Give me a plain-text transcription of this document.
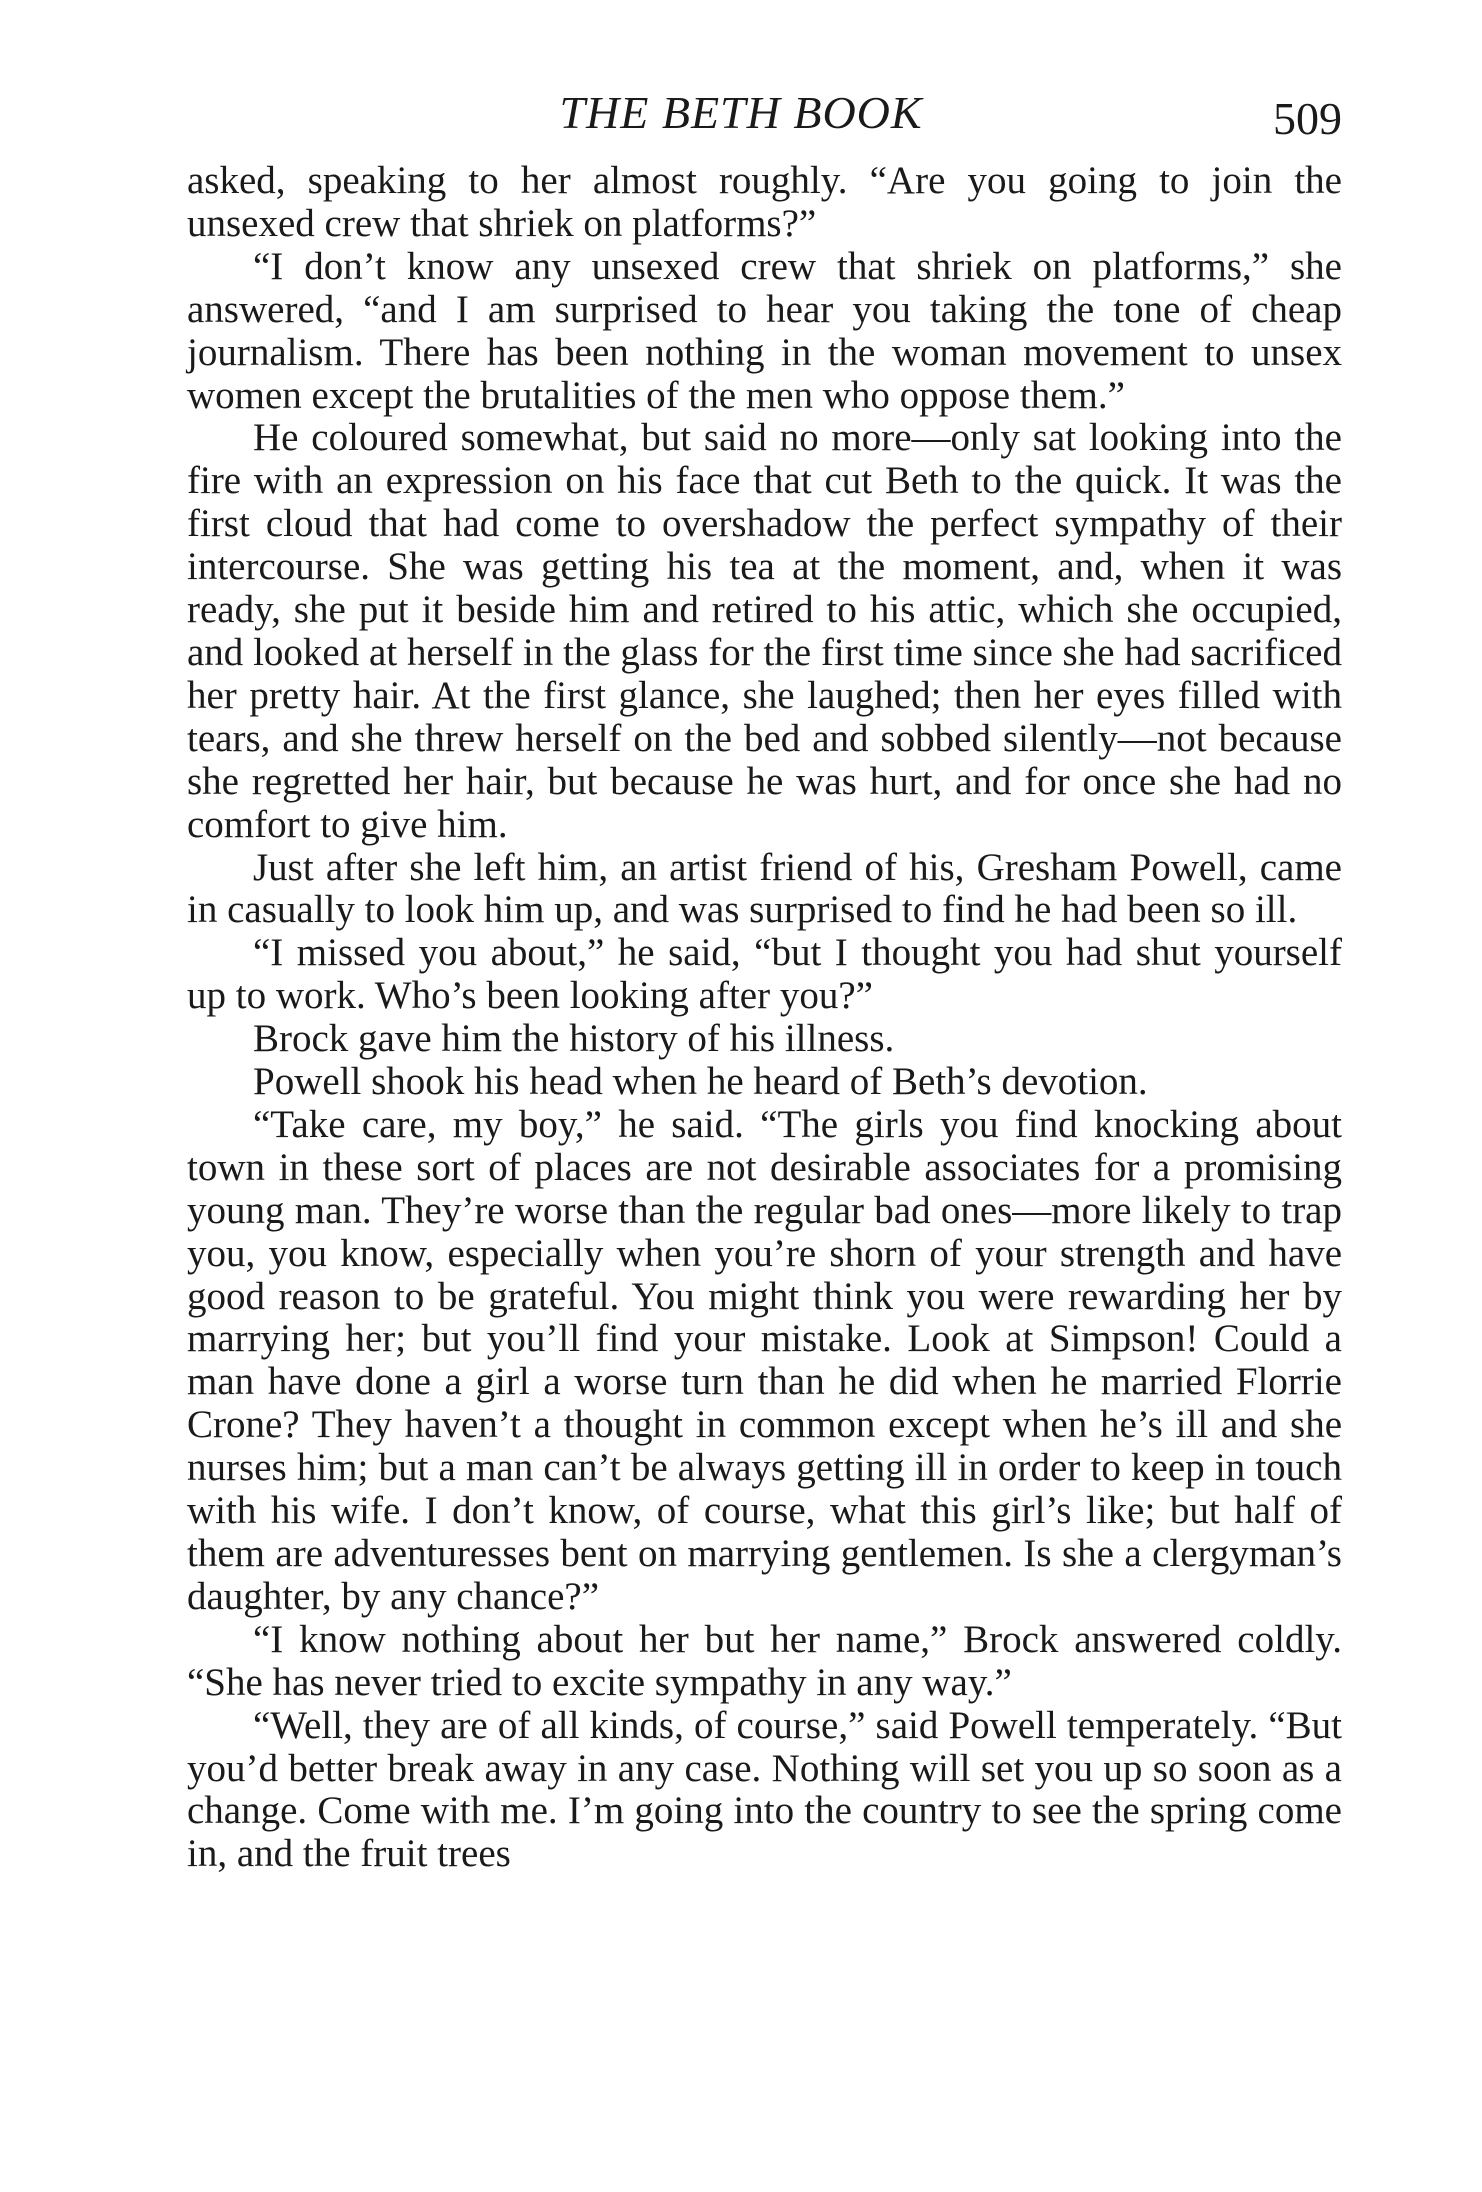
THE BETH BOOK	509

asked, speaking to her almost roughly. “Are you going to join the unsexed crew that shriek on platforms?”

“I don’t know any unsexed crew that shriek on platforms,” she answered, “and I am surprised to hear you taking the tone of cheap journalism. There has been nothing in the woman movement to unsex women except the brutalities of the men who oppose them.”

He coloured somewhat, but said no more—only sat looking into the fire with an expression on his face that cut Beth to the quick. It was the first cloud that had come to overshadow the perfect sympathy of their intercourse. She was getting his tea at the moment, and, when it was ready, she put it beside him and retired to his attic, which she occupied, and looked at herself in the glass for the first time since she had sacrificed her pretty hair. At the first glance, she laughed; then her eyes filled with tears, and she threw herself on the bed and sobbed silently—not because she regretted her hair, but because he was hurt, and for once she had no comfort to give him.

Just after she left him, an artist friend of his, Gresham Powell, came in casually to look him up, and was surprised to find he had been so ill.

“I missed you about,” he said, “but I thought you had shut yourself up to work. Who’s been looking after you?”

Brock gave him the history of his illness.

Powell shook his head when he heard of Beth’s devotion.

“Take care, my boy,” he said. “The girls you find knocking about town in these sort of places are not desirable associates for a promising young man. They’re worse than the regular bad ones—more likely to trap you, you know, especially when you’re shorn of your strength and have good reason to be grateful. You might think you were rewarding her by marrying her; but you’ll find your mistake. Look at Simpson! Could a man have done a girl a worse turn than he did when he married Florrie Crone? They haven’t a thought in common except when he’s ill and she nurses him; but a man can’t be always getting ill in order to keep in touch with his wife. I don’t know, of course, what this girl’s like; but half of them are adventuresses bent on marrying gentlemen. Is she a clergyman’s daughter, by any chance?”

“I know nothing about her but her name,” Brock answered coldly. “She has never tried to excite sympathy in any way.”

“Well, they are of all kinds, of course,” said Powell temperately. “But you’d better break away in any case. Nothing will set you up so soon as a change. Come with me. I’m going into the country to see the spring come in, and the fruit trees
